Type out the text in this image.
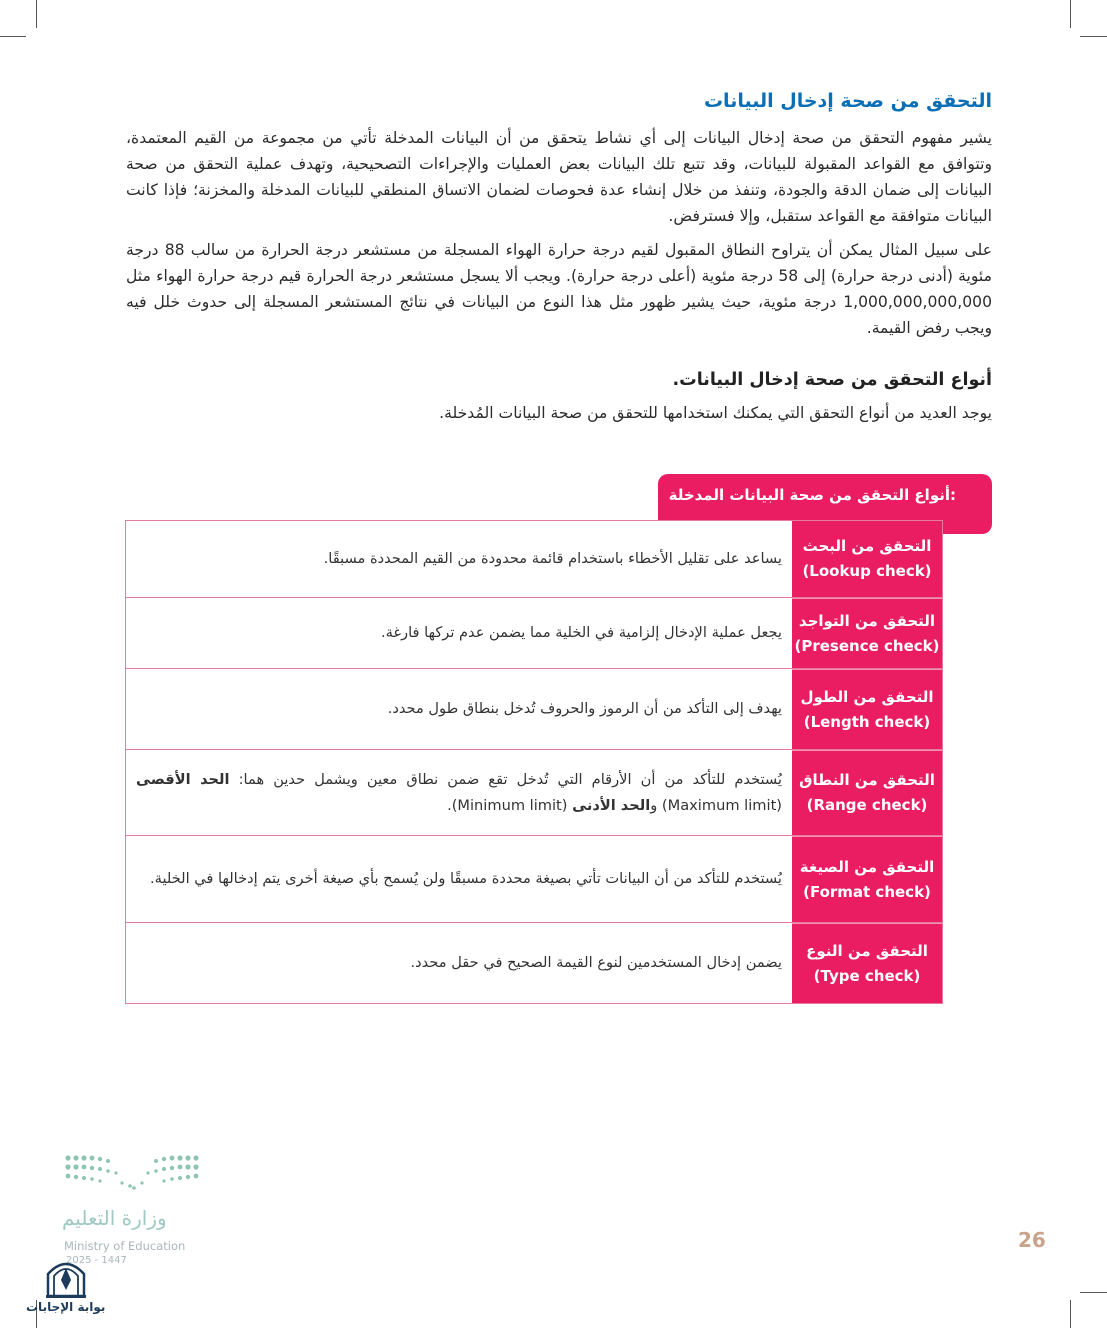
التحقق من صحة إدخال البيانات
يشير مفهوم التحقق من صحة إدخال البيانات إلى أي نشاط يتحقق من أن البيانات المدخلة تأتي من مجموعة من القيم المعتمدة، وتتوافق مع القواعد المقبولة للبيانات، وقد تتبع تلك البيانات بعض العمليات والإجراءات التصحيحية، وتهدف عملية التحقق من صحة البيانات إلى ضمان الدقة والجودة، وتنفذ من خلال إنشاء عدة فحوصات لضمان الاتساق المنطقي للبيانات المدخلة والمخزنة؛ فإذا كانت البيانات متوافقة مع القواعد ستقبل، وإلا فسترفض.
على سبيل المثال يمكن أن يتراوح النطاق المقبول لقيم درجة حرارة الهواء المسجلة من مستشعر درجة الحرارة من سالب 88 درجة مئوية (أدنى درجة حرارة) إلى 58 درجة مئوية (أعلى درجة حرارة). ويجب ألا يسجل مستشعر درجة الحرارة قيم درجة حرارة الهواء مثل 1,000,000,000,000 درجة مئوية، حيث يشير ظهور مثل هذا النوع من البيانات في نتائج المستشعر المسجلة إلى حدوث خلل فيه ويجب رفض القيمة.
أنواع التحقق من صحة إدخال البيانات.
يوجد العديد من أنواع التحقق التي يمكنك استخدامها للتحقق من صحة البيانات المُدخلة.
أنواع التحقق من صحة البيانات المدخلة:
التحقق من البحث
(Lookup check)
يساعد على تقليل الأخطاء باستخدام قائمة محدودة من القيم المحددة مسبقًا.
التحقق من التواجد
(Presence check)
يجعل عملية الإدخال إلزامية في الخلية مما يضمن عدم تركها فارغة.
التحقق من الطول
(Length check)
يهدف إلى التأكد من أن الرموز والحروف تُدخل بنطاق طول محدد.
التحقق من النطاق
(Range check)
يُستخدم للتأكد من أن الأرقام التي تُدخل تقع ضمن نطاق معين ويشمل حدين هما: الحد الأقصى (Maximum limit) والحد الأدنى (Minimum limit).
التحقق من الصيغة
(Format check)
يُستخدم للتأكد من أن البيانات تأتي بصيغة محددة مسبقًا ولن يُسمح بأي صيغة أخرى يتم إدخالها في الخلية.
التحقق من النوع
(Type check)
يضمن إدخال المستخدمين لنوع القيمة الصحيح في حقل محدد.
وزارة التعليم
Ministry of Education
2025 - 1447
26
بوابة الإجابات
